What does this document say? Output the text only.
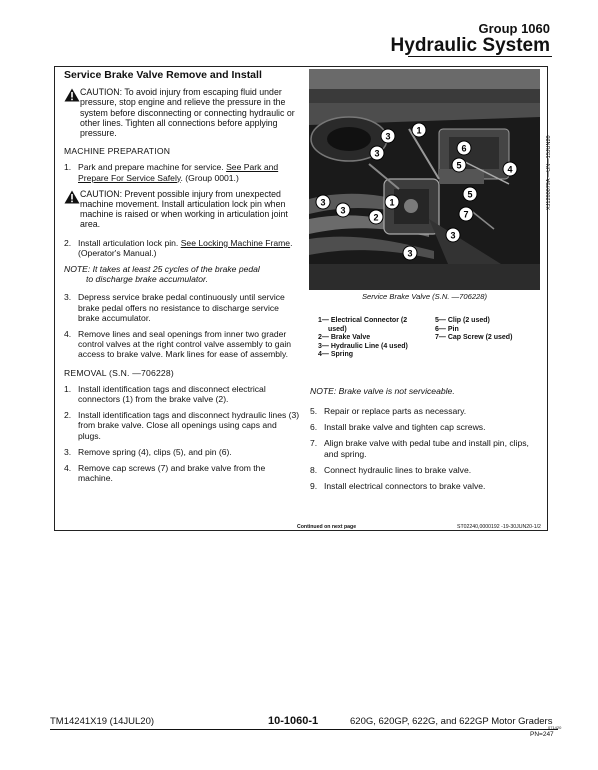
Group 1060
Hydraulic System
Service Brake Valve Remove and Install
CAUTION: To avoid injury from escaping fluid under pressure, stop engine and relieve the pressure in the system before disconnecting or connecting hydraulic or other lines. Tighten all connections before applying pressure.
MACHINE PREPARATION
1. Park and prepare machine for service. See Park and Prepare For Service Safely. (Group 0001.)
CAUTION: Prevent possible injury from unexpected machine movement. Install articulation lock pin when machine is raised or when working in articulation joint area.
2. Install articulation lock pin. See Locking Machine Frame. (Operator's Manual.)
NOTE: It takes at least 25 cycles of the brake pedal
to discharge brake accumulator.
3. Depress service brake pedal continuously until service brake pedal offers no resistance to discharge service brake accumulator.
4. Remove lines and seal openings from inner two grader control valves at the right control valve assembly to gain access to brake valve. Mark lines for ease of assembly.
REMOVAL (S.N. —706228)
1. Install identification tags and disconnect electrical connectors (1) from the brake valve (2).
2. Install identification tags and disconnect hydraulic lines (3) from brake valve. Close all openings using caps and plugs.
3. Remove spring (4), clips (5), and pin (6).
4. Remove cap screws (7) and brake valve from the machine.
1
3
3	6
5	4
3
3
1
2
5
7
3
3
XJ1280079A —UN—15JUN20
Service Brake Valve (S.N. —706228)
1— Electrical Connector (2
used)
2— Brake Valve
3— Hydraulic Line (4 used)
4— Spring
5— Clip (2 used)
6— Pin
7— Cap Screw (2 used)
NOTE: Brake valve is not serviceable.
5. Repair or replace parts as necessary.
6. Install brake valve and tighten cap screws.
7. Align brake valve with pedal tube and install pin, clips, and spring.
8. Connect hydraulic lines to brake valve.
9. Install electrical connectors to brake valve.
Continued on next page	ST02240,0000192 -19-30JUN20-1/2
TM14241X19 (14JUL20)	10-1060-1	620G, 620GP, 622G, and 622GP Motor Graders
071420
PN=247
